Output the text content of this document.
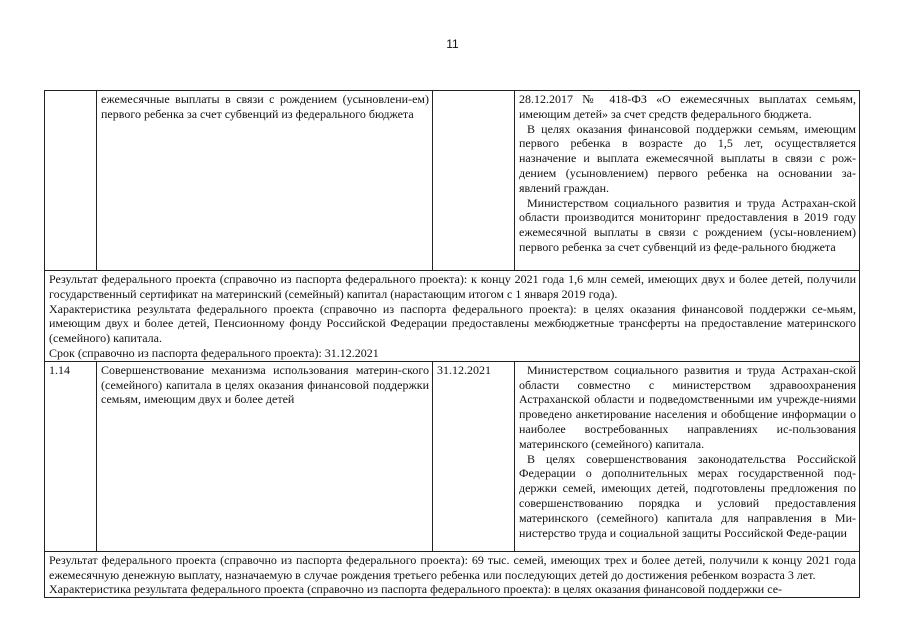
11
	ежемесячные выплаты в связи с рождением (усыновлени-ем) первого ребенка за счет субвенций из федерального бюджета		28.12.2017 № 418-ФЗ «О ежемесячных выплатах семьям, имеющим детей» за счет средств федерального бюджета.
В целях оказания финансовой поддержки семьям, имеющим первого ребенка в возрасте до 1,5 лет, осуществляется назначение и выплата ежемесячной выплаты в связи с рож-дением (усыновлением) первого ребенка на основании за-явлений граждан.
Министерством социального развития и труда Астрахан-ской области производится мониторинг предоставления в 2019 году ежемесячной выплаты в связи с рождением (усы-новлением) первого ребенка за счет субвенций из феде-рального бюджета

Результат федерального проекта (справочно из паспорта федерального проекта): к концу 2021 года 1,6 млн семей, имеющих двух и более детей, получили государственный сертификат на материнский (семейный) капитал (нарастающим итогом с 1 января 2019 года).
Характеристика результата федерального проекта (справочно из паспорта федерального проекта): в целях оказания финансовой поддержки се-мьям, имеющим двух и более детей, Пенсионному фонду Российской Федерации предоставлены межбюджетные трансферты на предоставление материнского (семейного) капитала.
Срок (справочно из паспорта федерального проекта): 31.12.2021			

1.14	Совершенствование механизма использования материн-ского (семейного) капитала в целях оказания финансовой поддержки семьям, имеющим двух и более детей	31.12.2021	Министерством социального развития и труда Астрахан-ской области совместно с министерством здравоохранения Астраханской области и подведомственными им учрежде-ниями проведено анкетирование населения и обобщение информации о наиболее востребованных направлениях ис-пользования материнского (семейного) капитала.
В целях совершенствования законодательства Российской Федерации о дополнительных мерах государственной под-держки семей, имеющих детей, подготовлены предложения по совершенствованию порядка и условий предоставления материнского (семейного) капитала для направления в Ми-нистерство труда и социальной защиты Российской Феде-рации

Результат федерального проекта (справочно из паспорта федерального проекта): 69 тыс. семей, имеющих трех и более детей, получили к концу 2021 года ежемесячную денежную выплату, назначаемую в случае рождения третьего ребенка или последующих детей до достижения ребенком возраста 3 лет.
Характеристика результата федерального проекта (справочно из паспорта федерального проекта): в целях оказания финансовой поддержки се-			
